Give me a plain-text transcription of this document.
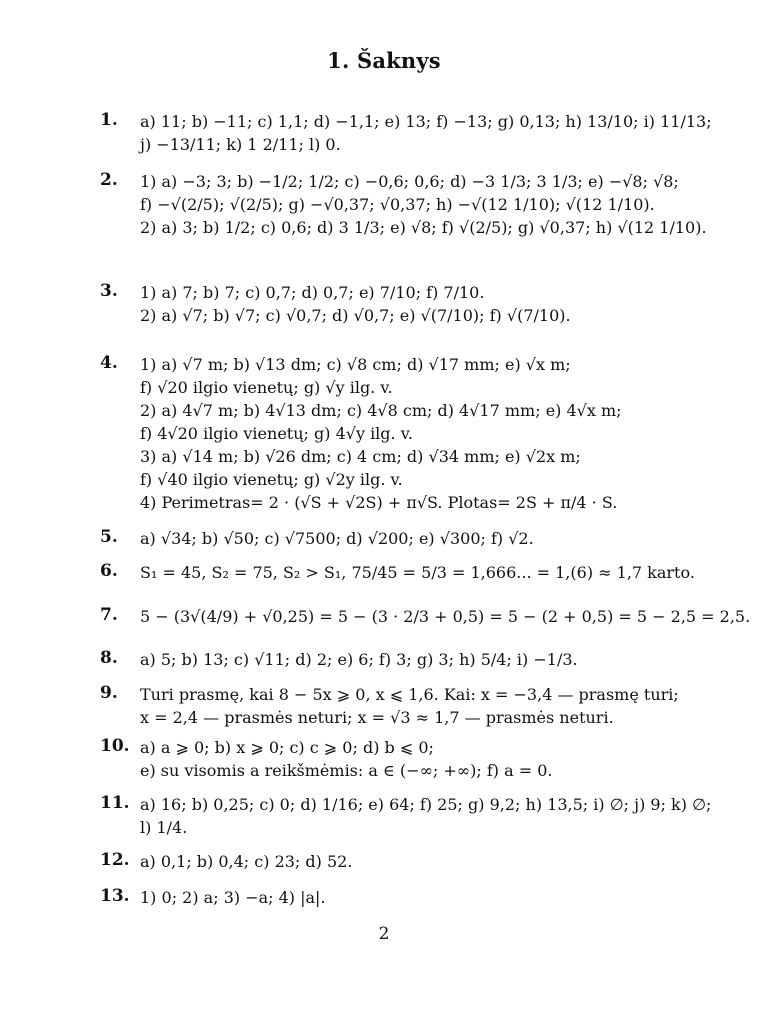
1. Šaknys
1. a) 11; b) −11; c) 1,1; d) −1,1; e) 13; f) −13; g) 0,13; h) 13/10; i) 11/13;
j) −13/11; k) 1 2/11; l) 0.
2. 1) a) −3; 3; b) −1/2; 1/2; c) −0,6; 0,6; d) −3 1/3; 3 1/3; e) −√8; √8;
f) −√(2/5); √(2/5); g) −√0,37; √0,37; h) −√(12 1/10); √(12 1/10).
2) a) 3; b) 1/2; c) 0,6; d) 3 1/3; e) √8; f) √(2/5); g) √0,37; h) √(12 1/10).
3. 1) a) 7; b) 7; c) 0,7; d) 0,7; e) 7/10; f) 7/10.
2) a) √7; b) √7; c) √0,7; d) √0,7; e) √(7/10); f) √(7/10).
4. 1) a) √7 m; b) √13 dm; c) √8 cm; d) √17 mm; e) √x m;
f) √20 ilgio vienetų; g) √y ilg. v.
2) a) 4√7 m; b) 4√13 dm; c) 4√8 cm; d) 4√17 mm; e) 4√x m;
f) 4√20 ilgio vienetų; g) 4√y ilg. v.
3) a) √14 m; b) √26 dm; c) 4 cm; d) √34 mm; e) √2x m;
f) √40 ilgio vienetų; g) √2y ilg. v.
4) Perimetras= 2 · (√S + √2S) + π√S. Plotas= 2S + π/4 · S.
5. a) √34; b) √50; c) √7500; d) √200; e) √300; f) √2.
6. S₁ = 45, S₂ = 75, S₂ > S₁, 75/45 = 5/3 = 1,666... = 1,(6) ≈ 1,7 karto.
7. 5 − (3√(4/9) + √0,25) = 5 − (3 · 2/3 + 0,5) = 5 − (2 + 0,5) = 5 − 2,5 = 2,5.
8. a) 5; b) 13; c) √11; d) 2; e) 6; f) 3; g) 3; h) 5/4; i) −1/3.
9. Turi prasmę, kai 8 − 5x ⩾ 0, x ⩽ 1,6. Kai: x = −3,4 — prasmę turi;
x = 2,4 — prasmės neturi; x = √3 ≈ 1,7 — prasmės neturi.
10. a) a ⩾ 0; b) x ⩾ 0; c) c ⩾ 0; d) b ⩽ 0;
e) su visomis a reikšmėmis: a ∈ (−∞; +∞); f) a = 0.
11. a) 16; b) 0,25; c) 0; d) 1/16; e) 64; f) 25; g) 9,2; h) 13,5; i) ∅; j) 9; k) ∅;
l) 1/4.
12. a) 0,1; b) 0,4; c) 23; d) 52.
13. 1) 0; 2) a; 3) −a; 4) |a|.
2
